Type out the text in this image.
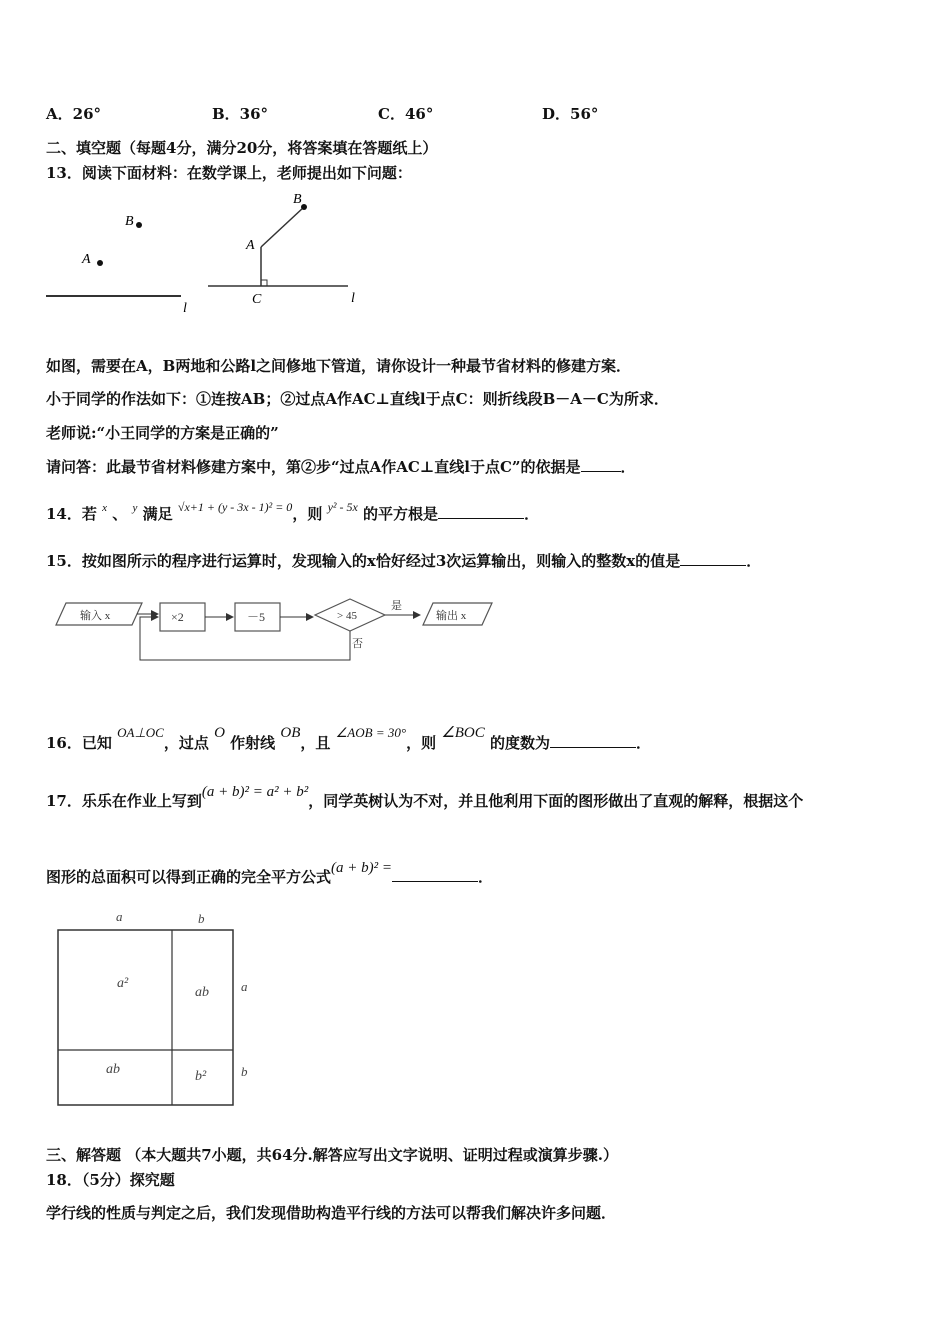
A．26°	B．36°	C．46°	D．56°
二、填空题（每题4分，满分20分，将答案填在答题纸上）
13．阅读下面材料：在数学课上，老师提出如下问题：
B
A
l
l
B
A
C
如图，需要在A，B两地和公路l之间修地下管道，请你设计一种最节省材料的修建方案．
小于同学的作法如下：①连按AB；②过点A作AC⊥直线l于点C：则折线段B－A－C为所求．
老师说:“小王同学的方案是正确的”
请问答：此最节省材料修建方案中，第②步“过点A作AC⊥直线l于点C”的依据是	．
14．若 $^x$ 、 $^y$ 满足 $^{√x+1 + (y - 3x - 1)^2 = 0}$，则 $^{y^2 - 5x}$ 的平方根是	．
15．按如图所示的程序进行运算时，发现输入的x恰好经过3次运算输出，则输入的整数x的值是	．
输入 x	×2	－5	> 45
是
输出 x
否
16．已知 OA⊥OC，过点 O 作射线 OB，且 ∠AOB = 30°，则 ∠BOC 的度数为	．
17．乐乐在作业上写到(a + b)² = a² + b²，同学英树认为不对，并且他利用下面的图形做出了直观的解释，根据这个
图形的总面积可以得到正确的完全平方公式(a + b)² =	．
a	b
a²
ab
ab	b²
a
b
三、解答题 （本大题共7小题，共64分.解答应写出文字说明、证明过程或演算步骤.）
18．（5分）探究题
学行线的性质与判定之后，我们发现借助构造平行线的方法可以帮我们解决许多问题．
